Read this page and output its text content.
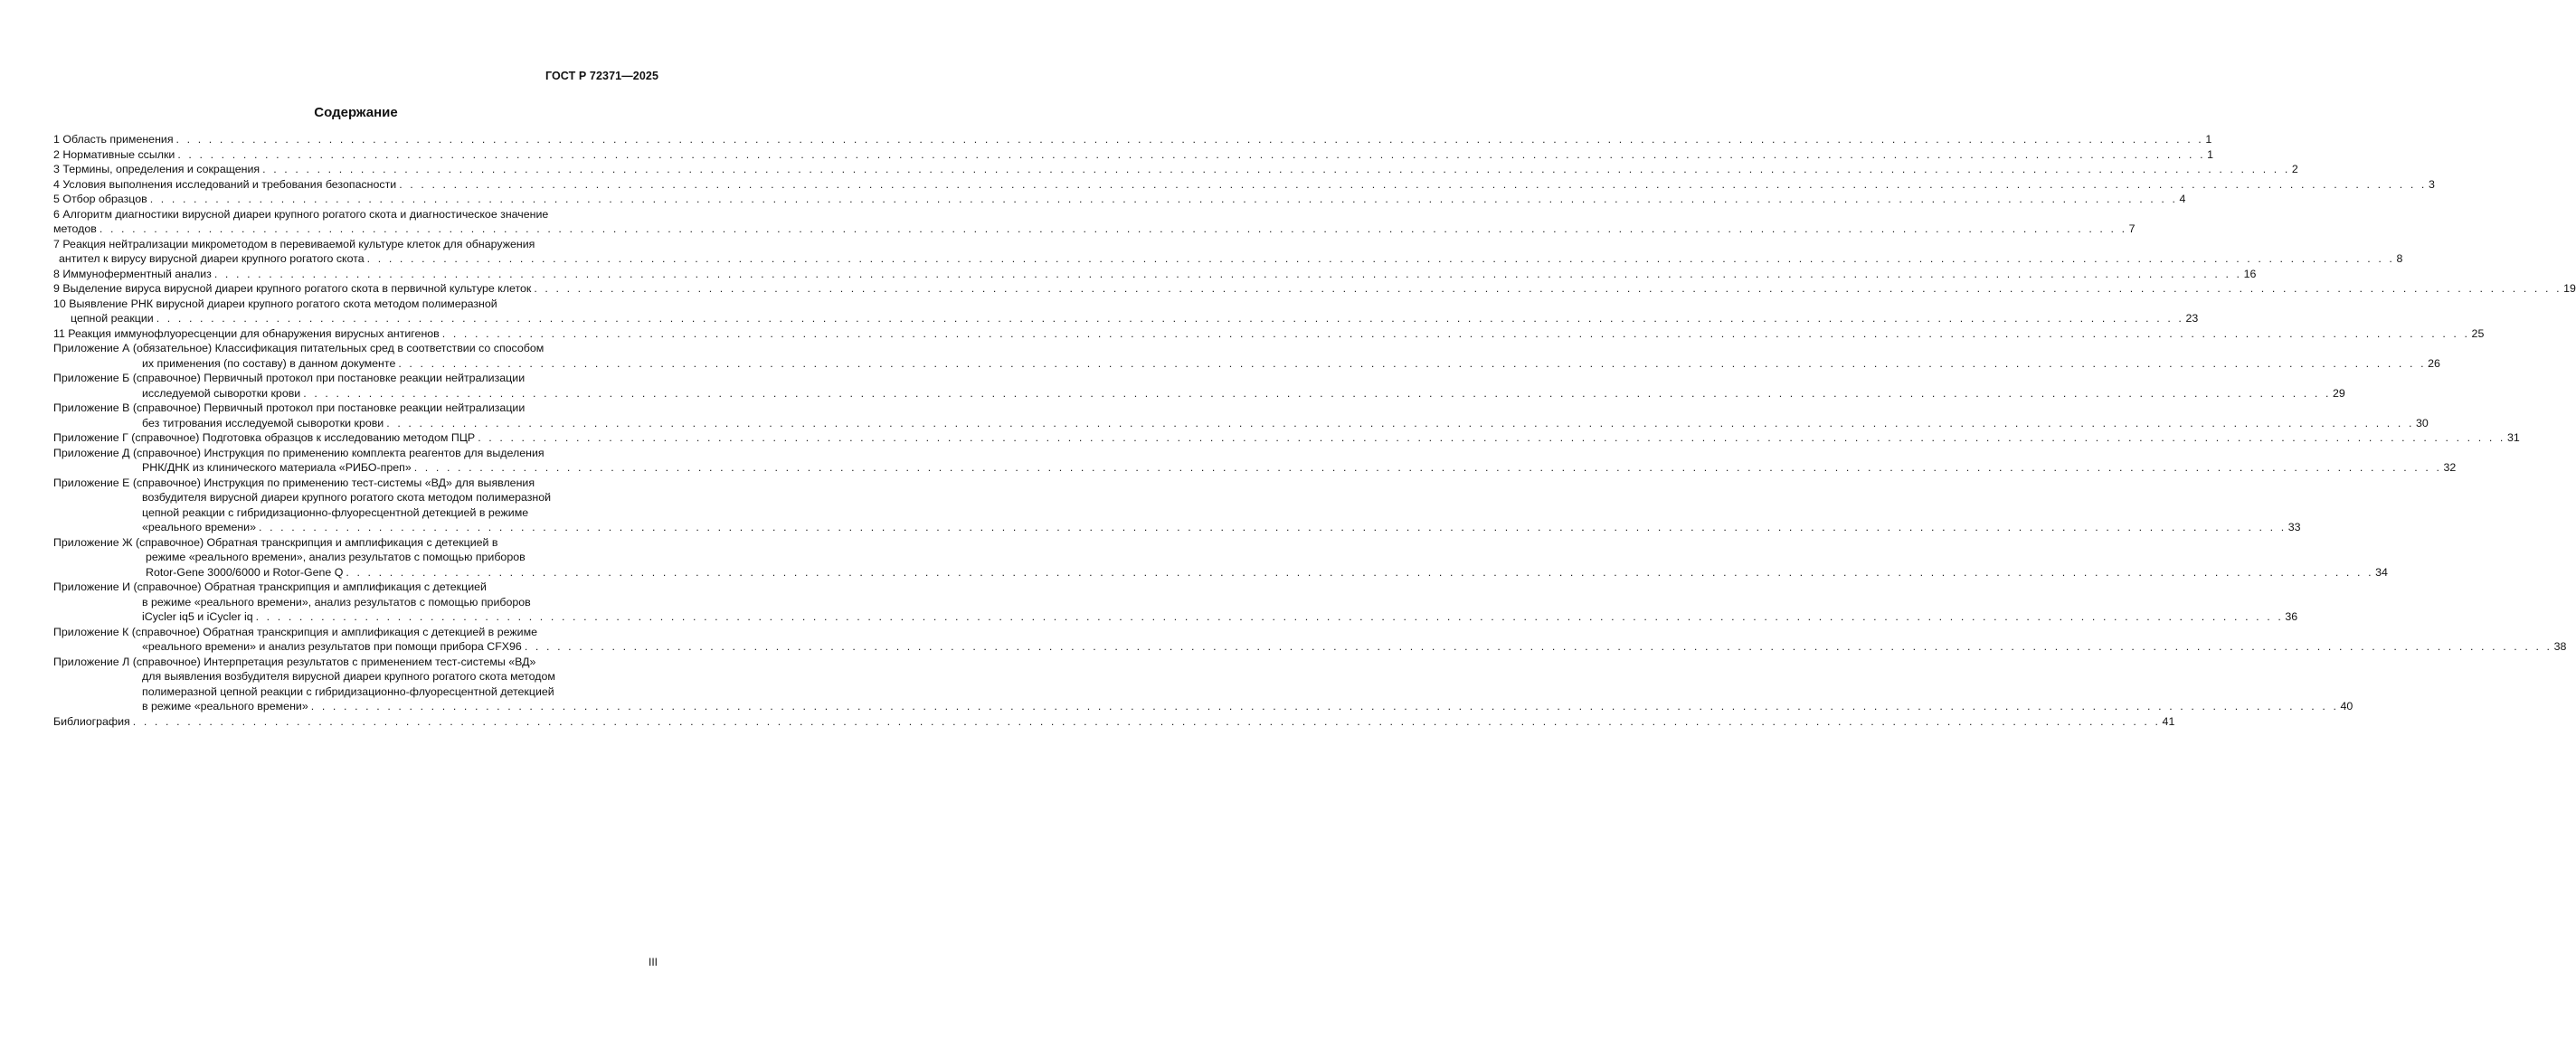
ГОСТ Р 72371—2025
Содержание
1 Область применения . . .	1
2 Нормативные ссылки . . .	1
3 Термины, определения и сокращения . . .	2
4 Условия выполнения исследований и требования безопасности . . .	3
5 Отбор образцов . . .	4
6 Алгоритм диагностики вирусной диареи крупного рогатого скота и диагностическое значение
методов . . .	7
7 Реакция нейтрализации микрометодом в перевиваемой культуре клеток для обнаружения
антител к вирусу вирусной диареи крупного рогатого скота . . .	8
8 Иммуноферментный анализ . . .	16
9 Выделение вируса вирусной диареи крупного рогатого скота в первичной культуре клеток . . .	19
10 Выявление РНК вирусной диареи крупного рогатого скота методом полимеразной
цепной реакции . . .	23
11 Реакция иммунофлуоресценции для обнаружения вирусных антигенов . . .	25
Приложение А (обязательное) Классификация питательных сред в соответствии со способом
их применения (по составу) в данном документе . . .	26
Приложение Б (справочное) Первичный протокол при постановке реакции нейтрализации
исследуемой сыворотки крови . . .	29
Приложение В (справочное) Первичный протокол при постановке реакции нейтрализации
без титрования исследуемой сыворотки крови . . .	30
Приложение Г (справочное) Подготовка образцов к исследованию методом ПЦР . . .	31
Приложение Д (справочное) Инструкция по применению комплекта реагентов для выделения
РНК/ДНК из клинического материала «РИБО-преп» . . .	32
Приложение Е (справочное) Инструкция по применению тест-системы «ВД» для выявления
возбудителя вирусной диареи крупного рогатого скота методом полимеразной
цепной реакции с гибридизационно-флуоресцентной детекцией в режиме
«реального времени» . . .	33
Приложение Ж (справочное) Обратная транскрипция и амплификация с детекцией в
режиме «реального времени», анализ результатов с помощью приборов
Rotor-Gene 3000/6000 и Rotor-Gene Q . . .	34
Приложение И (справочное) Обратная транскрипция и амплификация с детекцией
в режиме «реального времени», анализ результатов с помощью приборов
iCycler iq5 и iCycler iq . . .	36
Приложение К (справочное) Обратная транскрипция и амплификация с детекцией в режиме
«реального времени» и анализ результатов при помощи прибора CFX96 . . .	38
Приложение Л (справочное) Интерпретация результатов с применением тест-системы «ВД»
для выявления возбудителя вирусной диареи крупного рогатого скота методом
полимеразной цепной реакции с гибридизационно-флуоресцентной детекцией
в режиме «реального времени» . . .	40
Библиография . . .	41
III
